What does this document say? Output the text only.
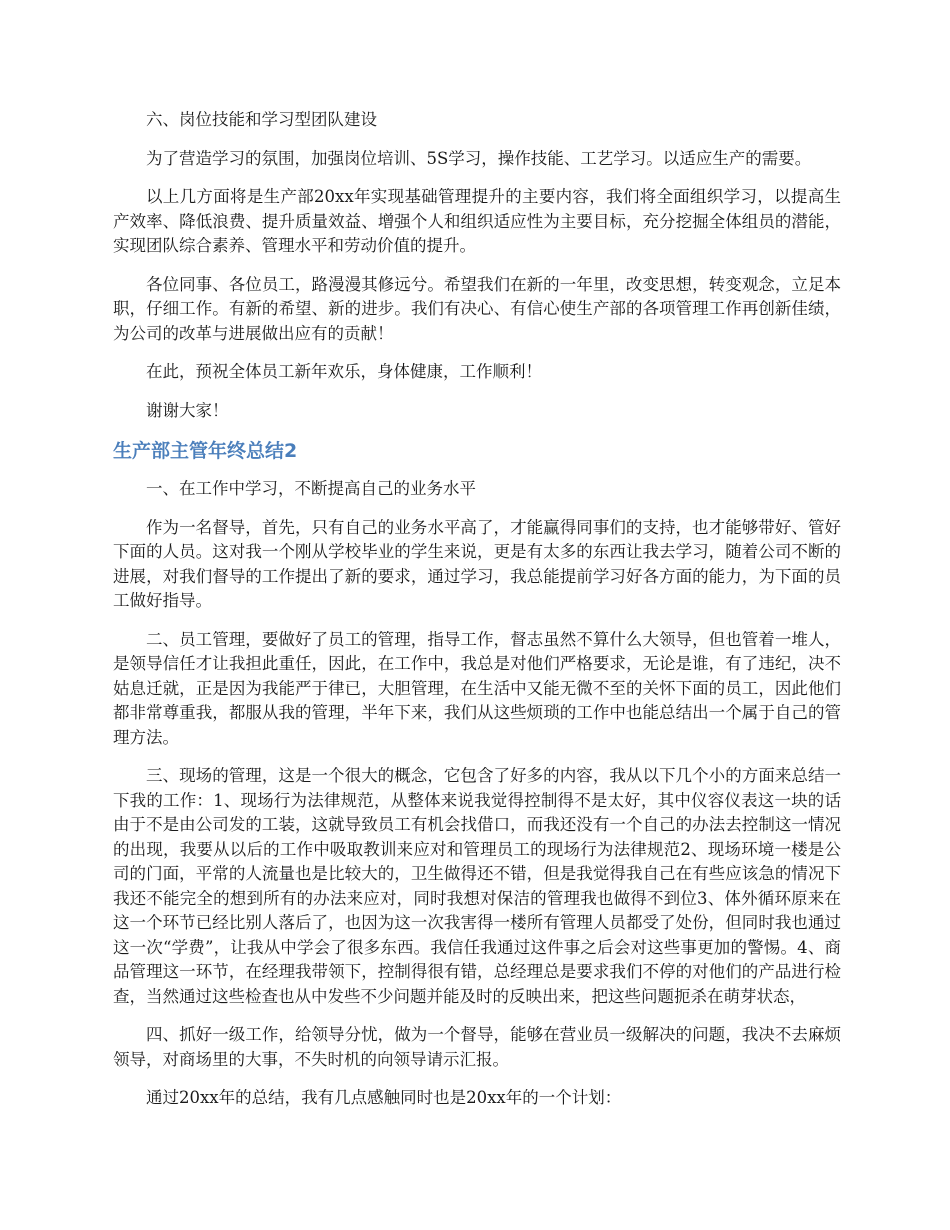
六、岗位技能和学习型团队建设

为了营造学习的氛围，加强岗位培训、5S学习，操作技能、工艺学习。以适应生产的需要。

以上几方面将是生产部20xx年实现基础管理提升的主要内容，我们将全面组织学习，以提高生产效率、降低浪费、提升质量效益、增强个人和组织适应性为主要目标，充分挖掘全体组员的潜能，实现团队综合素养、管理水平和劳动价值的提升。

各位同事、各位员工，路漫漫其修远兮。希望我们在新的一年里，改变思想，转变观念，立足本职，仔细工作。有新的希望、新的进步。我们有决心、有信心使生产部的各项管理工作再创新佳绩，为公司的改革与进展做出应有的贡献！

在此，预祝全体员工新年欢乐，身体健康，工作顺利！

谢谢大家！

生产部主管年终总结2

一、在工作中学习，不断提高自己的业务水平

作为一名督导，首先，只有自己的业务水平高了，才能赢得同事们的支持，也才能够带好、管好下面的人员。这对我一个刚从学校毕业的学生来说，更是有太多的东西让我去学习，随着公司不断的进展，对我们督导的工作提出了新的要求，通过学习，我总能提前学习好各方面的能力，为下面的员工做好指导。

二、员工管理，要做好了员工的管理，指导工作，督志虽然不算什么大领导，但也管着一堆人，是领导信任才让我担此重任，因此，在工作中，我总是对他们严格要求，无论是谁，有了违纪，决不姑息迁就，正是因为我能严于律已，大胆管理，在生活中又能无微不至的关怀下面的员工，因此他们都非常尊重我，都服从我的管理，半年下来，我们从这些烦琐的工作中也能总结出一个属于自己的管理方法。

三、现场的管理，这是一个很大的概念，它包含了好多的内容，我从以下几个小的方面来总结一下我的工作：1、现场行为法律规范，从整体来说我觉得控制得不是太好，其中仪容仪表这一块的话由于不是由公司发的工装，这就导致员工有机会找借口，而我还没有一个自己的办法去控制这一情况的出现，我要从以后的工作中吸取教训来应对和管理员工的现场行为法律规范2、现场环境一楼是公司的门面，平常的人流量也是比较大的，卫生做得还不错，但是我觉得我自己在有些应该急的情况下我还不能完全的想到所有的办法来应对，同时我想对保洁的管理我也做得不到位3、体外循环原来在这一个环节已经比别人落后了，也因为这一次我害得一楼所有管理人员都受了处份，但同时我也通过这一次“学费”，让我从中学会了很多东西。我信任我通过这件事之后会对这些事更加的警惕。4、商品管理这一环节，在经理我带领下，控制得很有错，总经理总是要求我们不停的对他们的产品进行检查，当然通过这些检查也从中发些不少问题并能及时的反映出来，把这些问题扼杀在萌芽状态，

四、抓好一级工作，给领导分忧，做为一个督导，能够在营业员一级解决的问题，我决不去麻烦领导，对商场里的大事，不失时机的向领导请示汇报。

通过20xx年的总结，我有几点感触同时也是20xx年的一个计划：
